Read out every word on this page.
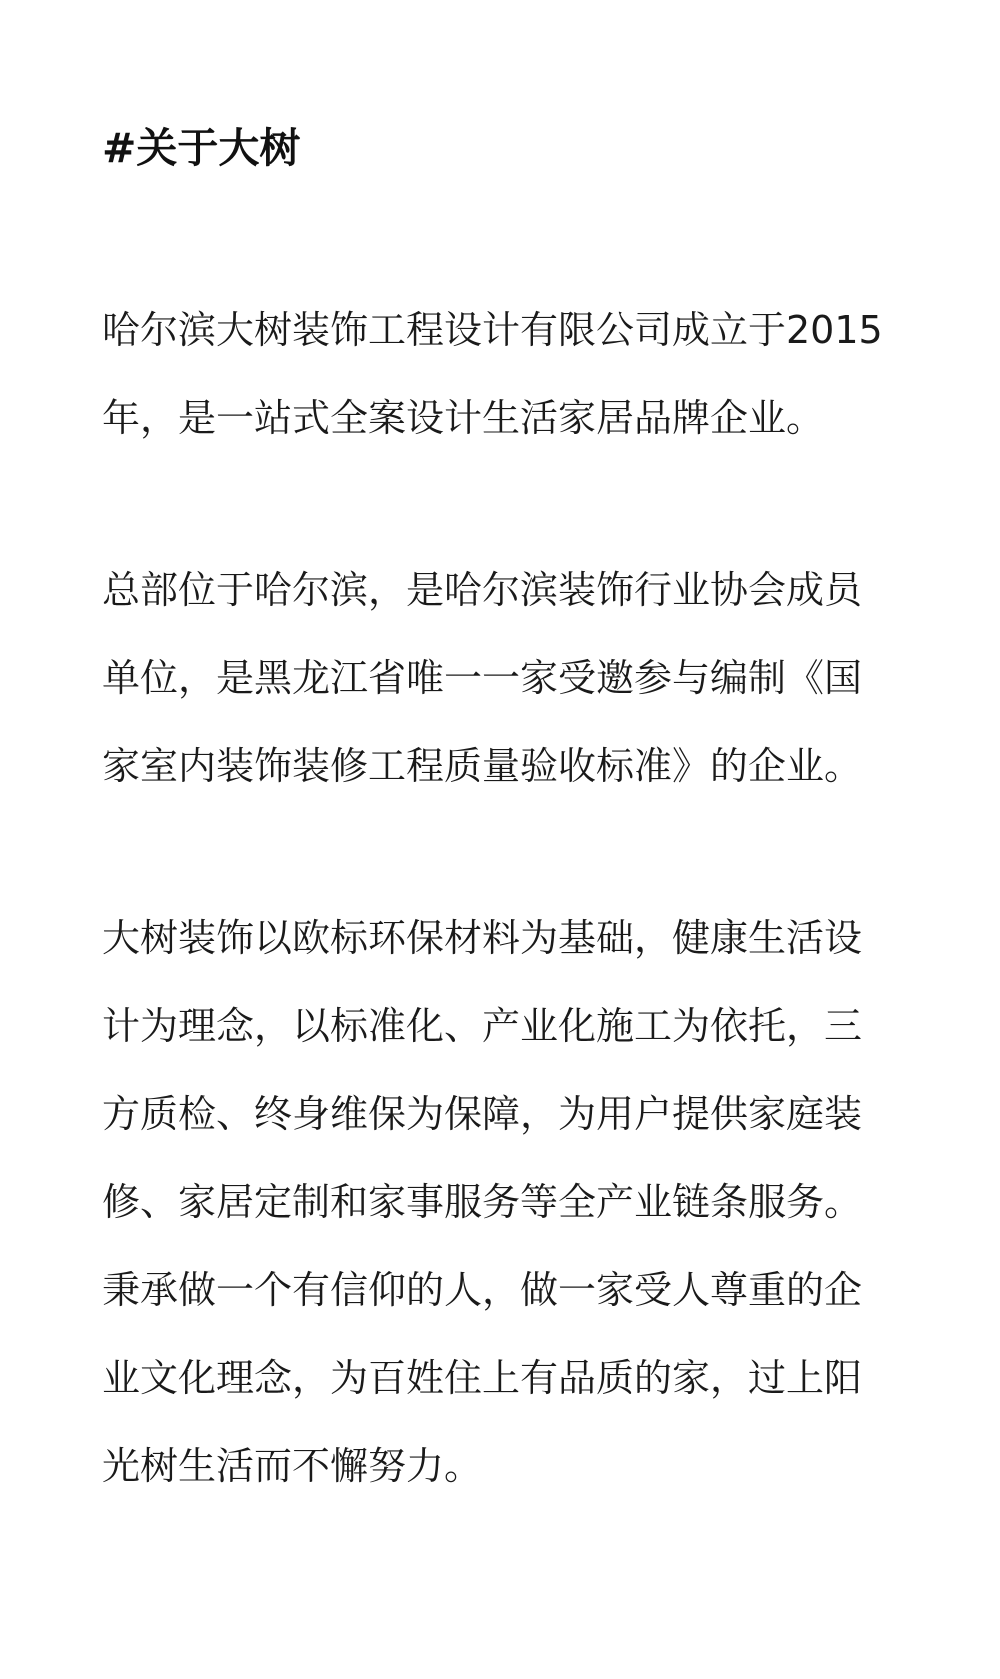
#关于大树

哈尔滨大树装饰工程设计有限公司成立于2015

年，是一站式全案设计生活家居品牌企业。

总部位于哈尔滨，是哈尔滨装饰行业协会成员

单位，是黑龙江省唯一一家受邀参与编制《国

家室内装饰装修工程质量验收标准》的企业。

大树装饰以欧标环保材料为基础，健康生活设

计为理念，以标准化、产业化施工为依托，三

方质检、终身维保为保障，为用户提供家庭装

修、家居定制和家事服务等全产业链条服务。

秉承做一个有信仰的人，做一家受人尊重的企

业文化理念，为百姓住上有品质的家，过上阳

光树生活而不懈努力。
